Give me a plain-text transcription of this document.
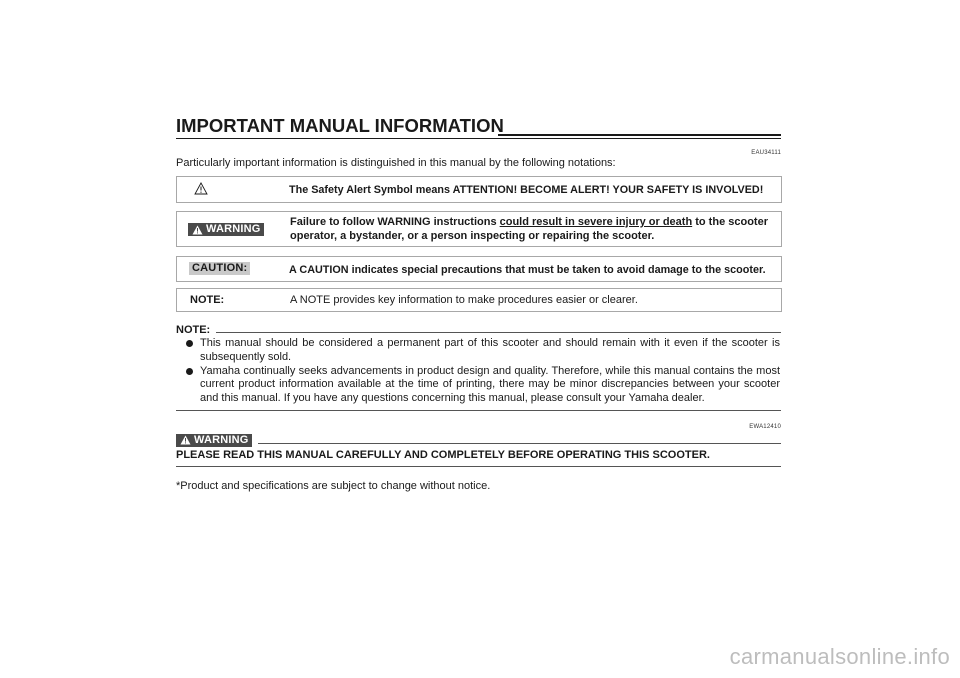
IMPORTANT MANUAL INFORMATION
EAU34111
Particularly important information is distinguished in this manual by the following notations:
The Safety Alert Symbol means ATTENTION! BECOME ALERT! YOUR SAFETY IS INVOLVED!
WARNING
Failure to follow WARNING instructions could result in severe injury or death to the scooter operator, a bystander, or a person inspecting or repairing the scooter.
CAUTION:	A CAUTION indicates special precautions that must be taken to avoid damage to the scooter.
NOTE:	A NOTE provides key information to make procedures easier or clearer.
NOTE:
This manual should be considered a permanent part of this scooter and should remain with it even if the scooter is subsequently sold.
Yamaha continually seeks advancements in product design and quality. Therefore, while this manual contains the most current product information available at the time of printing, there may be minor discrepancies between your scooter and this manual. If you have any questions concerning this manual, please consult your Yamaha dealer.
EWA12410
WARNING
PLEASE READ THIS MANUAL CAREFULLY AND COMPLETELY BEFORE OPERATING THIS SCOOTER.
*Product and specifications are subject to change without notice.
carmanualsonline.info
